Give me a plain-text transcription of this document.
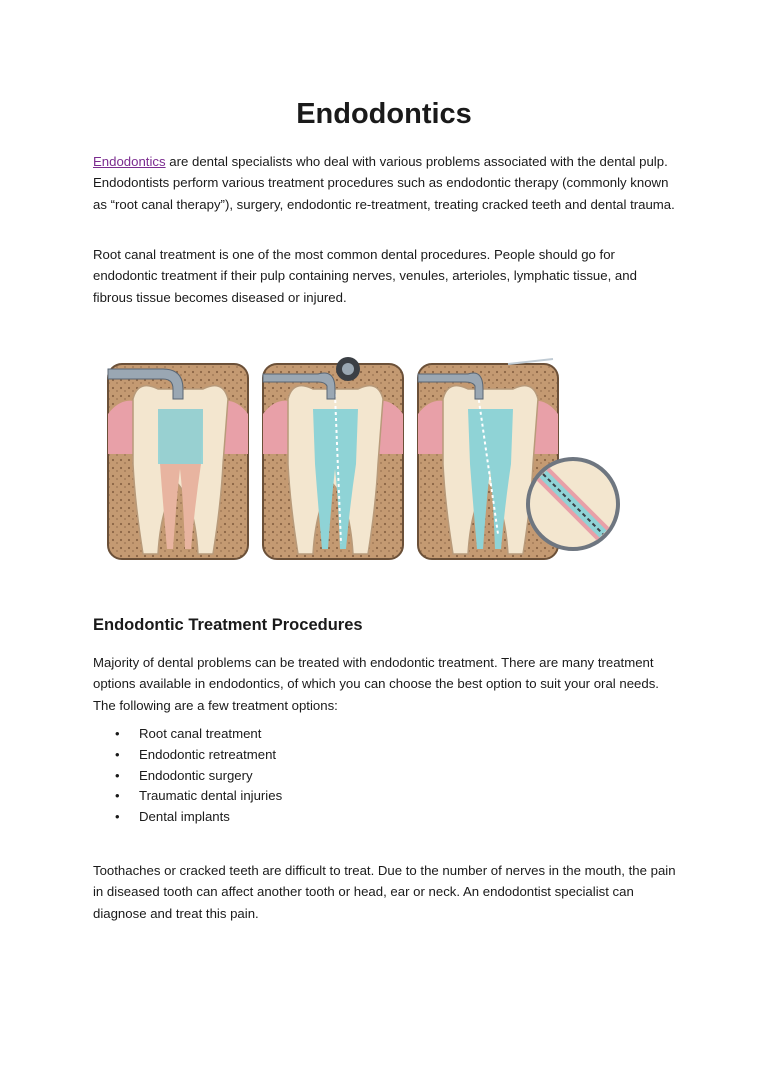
Endodontics

Endodontics are dental specialists who deal with various problems associated with the dental pulp. Endodontists perform various treatment procedures such as endodontic therapy (commonly known as “root canal therapy”), surgery, endodontic re-treatment, treating cracked teeth and dental trauma.

Root canal treatment is one of the most common dental procedures. People should go for endodontic treatment if their pulp containing nerves, venules, arterioles, lymphatic tissue, and fibrous tissue becomes diseased or injured.

Endodontic Treatment Procedures

Majority of dental problems can be treated with endodontic treatment. There are many treatment options available in endodontics, of which you can choose the best option to suit your oral needs. The following are a few treatment options:

• Root canal treatment
• Endodontic retreatment
• Endodontic surgery
• Traumatic dental injuries
• Dental implants

Toothaches or cracked teeth are difficult to treat. Due to the number of nerves in the mouth, the pain in diseased tooth can affect another tooth or head, ear or neck. An endodontist specialist can diagnose and treat this pain.
